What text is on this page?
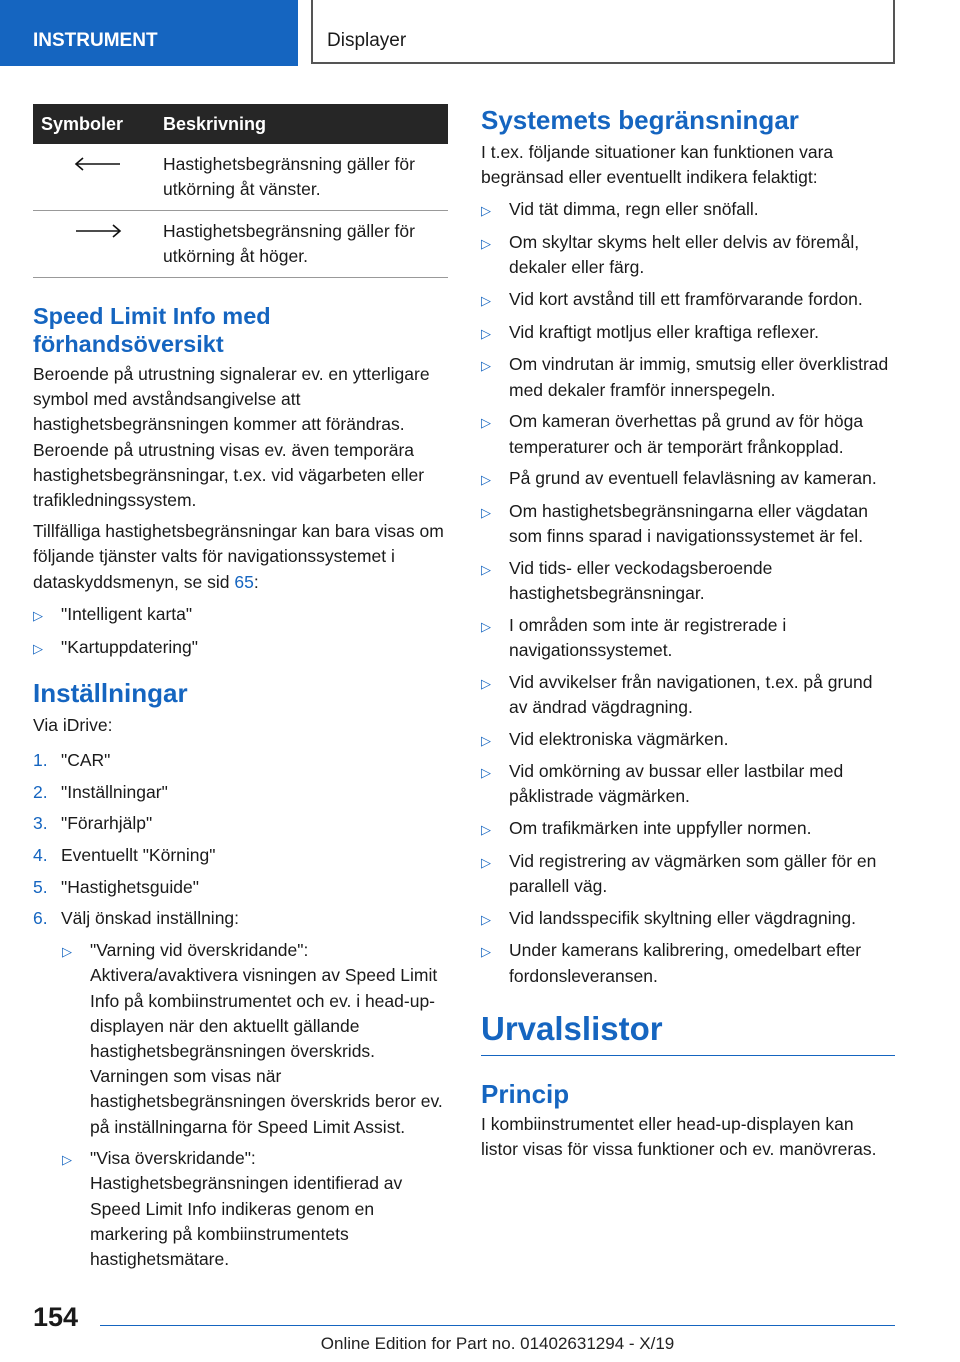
INSTRUMENT	Displayer
Symboler	Beskrivning
Hastighetsbegränsning gäller för utkörning åt vänster.
Hastighetsbegränsning gäller för utkörning åt höger.
Speed Limit Info med förhandsöversikt

Beroende på utrustning signalerar ev. en ytterligare symbol med avståndsangivelse att hastighetsbegränsningen kommer att förändras. Beroende på utrustning visas ev. även temporära hastighetsbegränsningar, t.ex. vid vägarbeten eller trafikledningssystem.

Tillfälliga hastighetsbegränsningar kan bara visas om följande tjänster valts för navigationssystemet i dataskyddsmenyn, se sid 65:

▷	"Intelligent karta"
▷	"Kartuppdatering"
Inställningar

Via iDrive:

1. "CAR"
2. "Inställningar"
3. "Förarhjälp"
4. Eventuellt "Körning"
5. "Hastighetsguide"
6. Välj önskad inställning:
▷	"Varning vid överskridande": Aktivera/avaktivera visningen av Speed Limit Info på kombiinstrumentet och ev. i head-up-displayen när den aktuellt gällande hastighetsbegränsningen överskrids. Varningen som visas när hastighetsbegränsningen överskrids beror ev. på inställningarna för Speed Limit Assist.
▷	"Visa överskridande": Hastighetsbegränsningen identifierad av Speed Limit Info indikeras genom en markering på kombiinstrumentets hastighetsmätare.
Systemets begränsningar

I t.ex. följande situationer kan funktionen vara begränsad eller eventuellt indikera felaktigt:

▷	Vid tät dimma, regn eller snöfall.
▷	Om skyltar skyms helt eller delvis av föremål, dekaler eller färg.
▷	Vid kort avstånd till ett framförvarande fordon.
▷	Vid kraftigt motljus eller kraftiga reflexer.
▷	Om vindrutan är immig, smutsig eller överklistrad med dekaler framför innerspegeln.
▷	Om kameran överhettas på grund av för höga temperaturer och är temporärt frånkopplad.
▷	På grund av eventuell felavläsning av kameran.
▷	Om hastighetsbegränsningarna eller vägdatan som finns sparad i navigationssystemet är fel.
▷	Vid tids- eller veckodagsberoende hastighetsbegränsningar.
▷	I områden som inte är registrerade i navigationssystemet.
▷	Vid avvikelser från navigationen, t.ex. på grund av ändrad vägdragning.
▷	Vid elektroniska vägmärken.
▷	Vid omkörning av bussar eller lastbilar med påklistrade vägmärken.
▷	Om trafikmärken inte uppfyller normen.
▷	Vid registrering av vägmärken som gäller för en parallell väg.
▷	Vid landsspecifik skyltning eller vägdragning.
▷	Under kamerans kalibrering, omedelbart efter fordonsleveransen.
Urvalslistor
Princip

I kombiinstrumentet eller head-up-displayen kan listor visas för vissa funktioner och ev. manövreras.

154
Online Edition for Part no. 01402631294 - X/19
